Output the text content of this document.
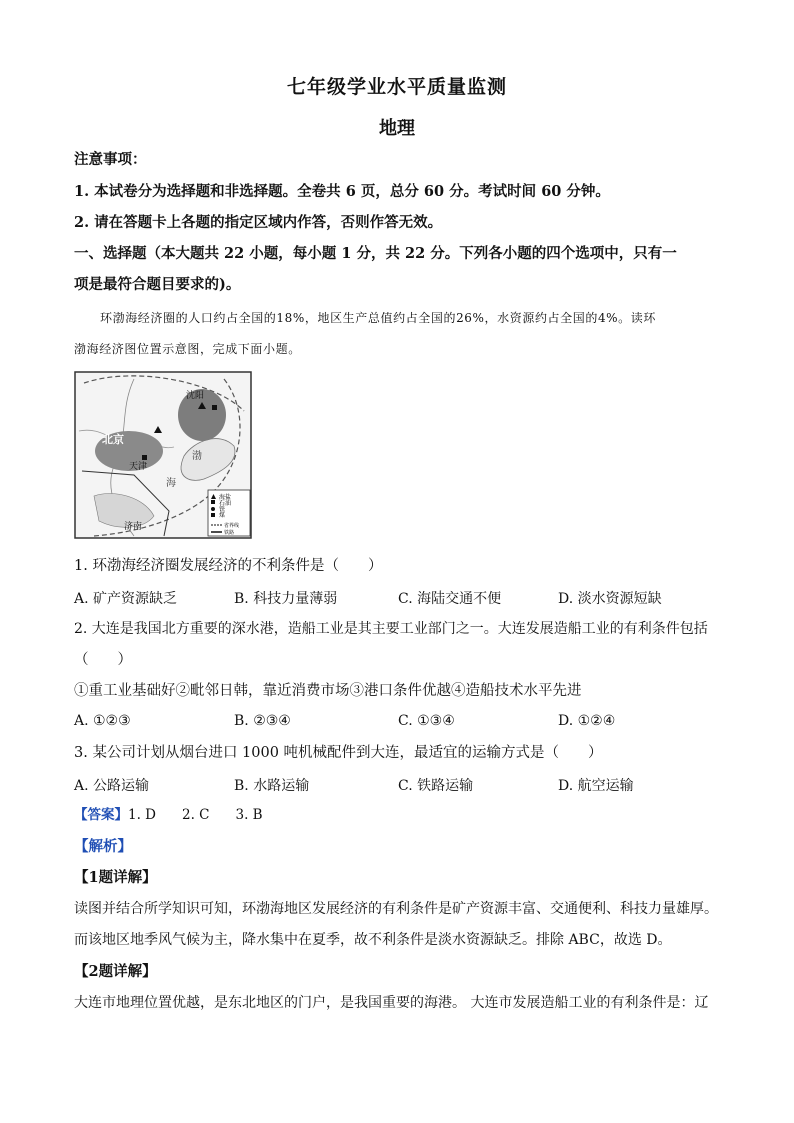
七年级学业水平质量监测
地理
注意事项：
1. 本试卷分为选择题和非选择题。全卷共 6 页，总分 60 分。考试时间 60 分钟。
2. 请在答题卡上各题的指定区域内作答，否则作答无效。
一、选择题（本大题共 22 小题，每小题 1 分，共 22 分。下列各小题的四个选项中，只有一
项是最符合题目要求的)。
环渤海经济圈的人口约占全国的18%，地区生产总值约占全国的26%，水资源约占全国的4%。读环
渤海经济图位置示意图，完成下面小题。
沈阳
北京
天津
济南
渤
海
海盐
石油
铁
煤
省界线
铁路
1. 环渤海经济圈发展经济的不利条件是（　　）
A. 矿产资源缺乏	B. 科技力量薄弱	C. 海陆交通不便	D. 淡水资源短缺
2. 大连是我国北方重要的深水港，造船工业是其主要工业部门之一。大连发展造船工业的有利条件包括
（　　）
①重工业基础好②毗邻日韩，靠近消费市场③港口条件优越④造船技术水平先进
A. ①②③	B. ②③④	C. ①③④	D. ①②④
3. 某公司计划从烟台进口 1000 吨机械配件到大连，最适宜的运输方式是（　　）
A. 公路运输	B. 水路运输	C. 铁路运输	D. 航空运输
【答案】1. D 2. C 3. B
【解析】
【1题详解】
读图并结合所学知识可知，环渤海地区发展经济的有利条件是矿产资源丰富、交通便利、科技力量雄厚。
而该地区地季风气候为主，降水集中在夏季，故不利条件是淡水资源缺乏。排除 ABC，故选 D。
【2题详解】
大连市地理位置优越，是东北地区的门户，是我国重要的海港。 大连市发展造船工业的有利条件是：辽
